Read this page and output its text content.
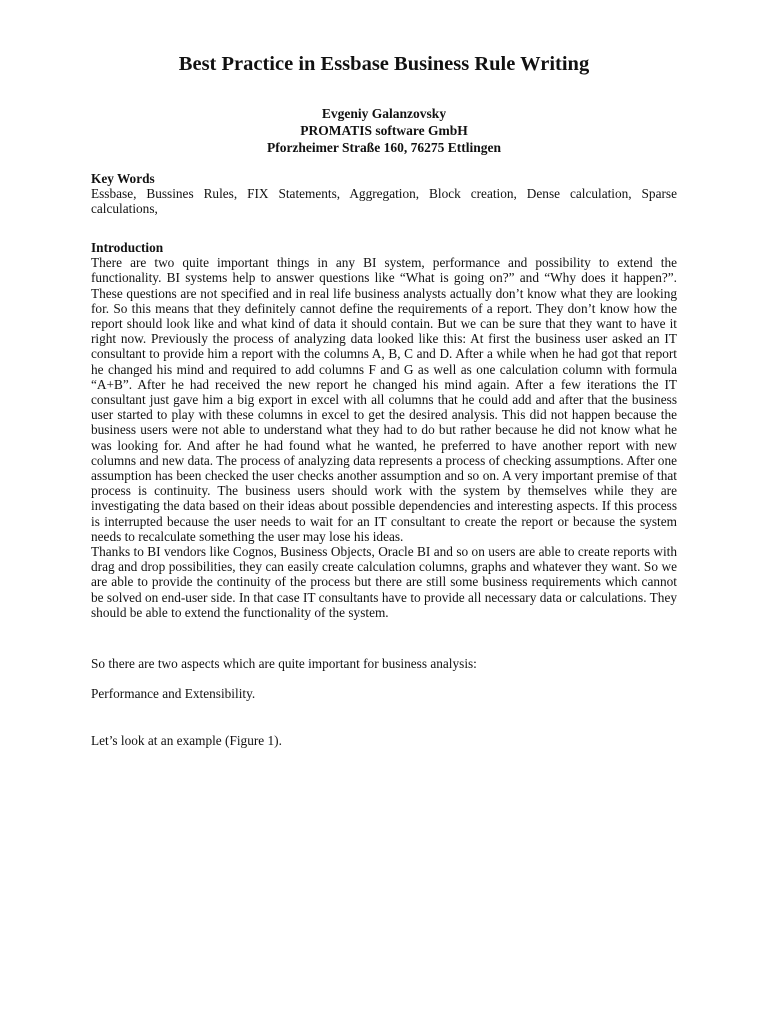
Best Practice in Essbase Business Rule Writing
Evgeniy Galanzovsky
PROMATIS software GmbH
Pforzheimer Straße 160, 76275 Ettlingen

Key Words

Essbase, Bussines Rules, FIX Statements, Aggregation, Block creation, Dense calculation, Sparse calculations,

Introduction

There are two quite important things in any BI system, performance and possibility to extend the functionality. BI systems help to answer questions like “What is going on?” and “Why does it happen?”. These questions are not specified and in real life business analysts actually don’t know what they are looking for. So this means that they definitely cannot define the requirements of a report. They don’t know how the report should look like and what kind of data it should contain. But we can be sure that they want to have it right now. Previously the process of analyzing data looked like this: At first the business user asked an IT consultant to provide him a report with the columns A, B, C and D. After a while when he had got that report he changed his mind and required to add columns F and G as well as one calculation column with formula “A+B”. After he had received the new report he changed his mind again. After a few iterations the IT consultant just gave him a big export in excel with all columns that he could add and after that the business user started to play with these columns in excel to get the desired analysis. This did not happen because the business users were not able to understand what they had to do but rather because he did not know what he was looking for. And after he had found what he wanted, he preferred to have another report with new columns and new data. The process of analyzing data represents a process of checking assumptions. After one assumption has been checked the user checks another assumption and so on. A very important premise of that process is continuity. The business users should work with the system by themselves while they are investigating the data based on their ideas about possible dependencies and interesting aspects. If this process is interrupted because the user needs to wait for an IT consultant to create the report or because the system needs to recalculate something the user may lose his ideas.

Thanks to BI vendors like Cognos, Business Objects, Oracle BI and so on users are able to create reports with drag and drop possibilities, they can easily create calculation columns, graphs and whatever they want. So we are able to provide the continuity of the process but there are still some business requirements which cannot be solved on end-user side. In that case IT consultants have to provide all necessary data or calculations. They should be able to extend the functionality of the system.

So there are two aspects which are quite important for business analysis:
Performance and Extensibility.
Let’s look at an example (Figure 1).
